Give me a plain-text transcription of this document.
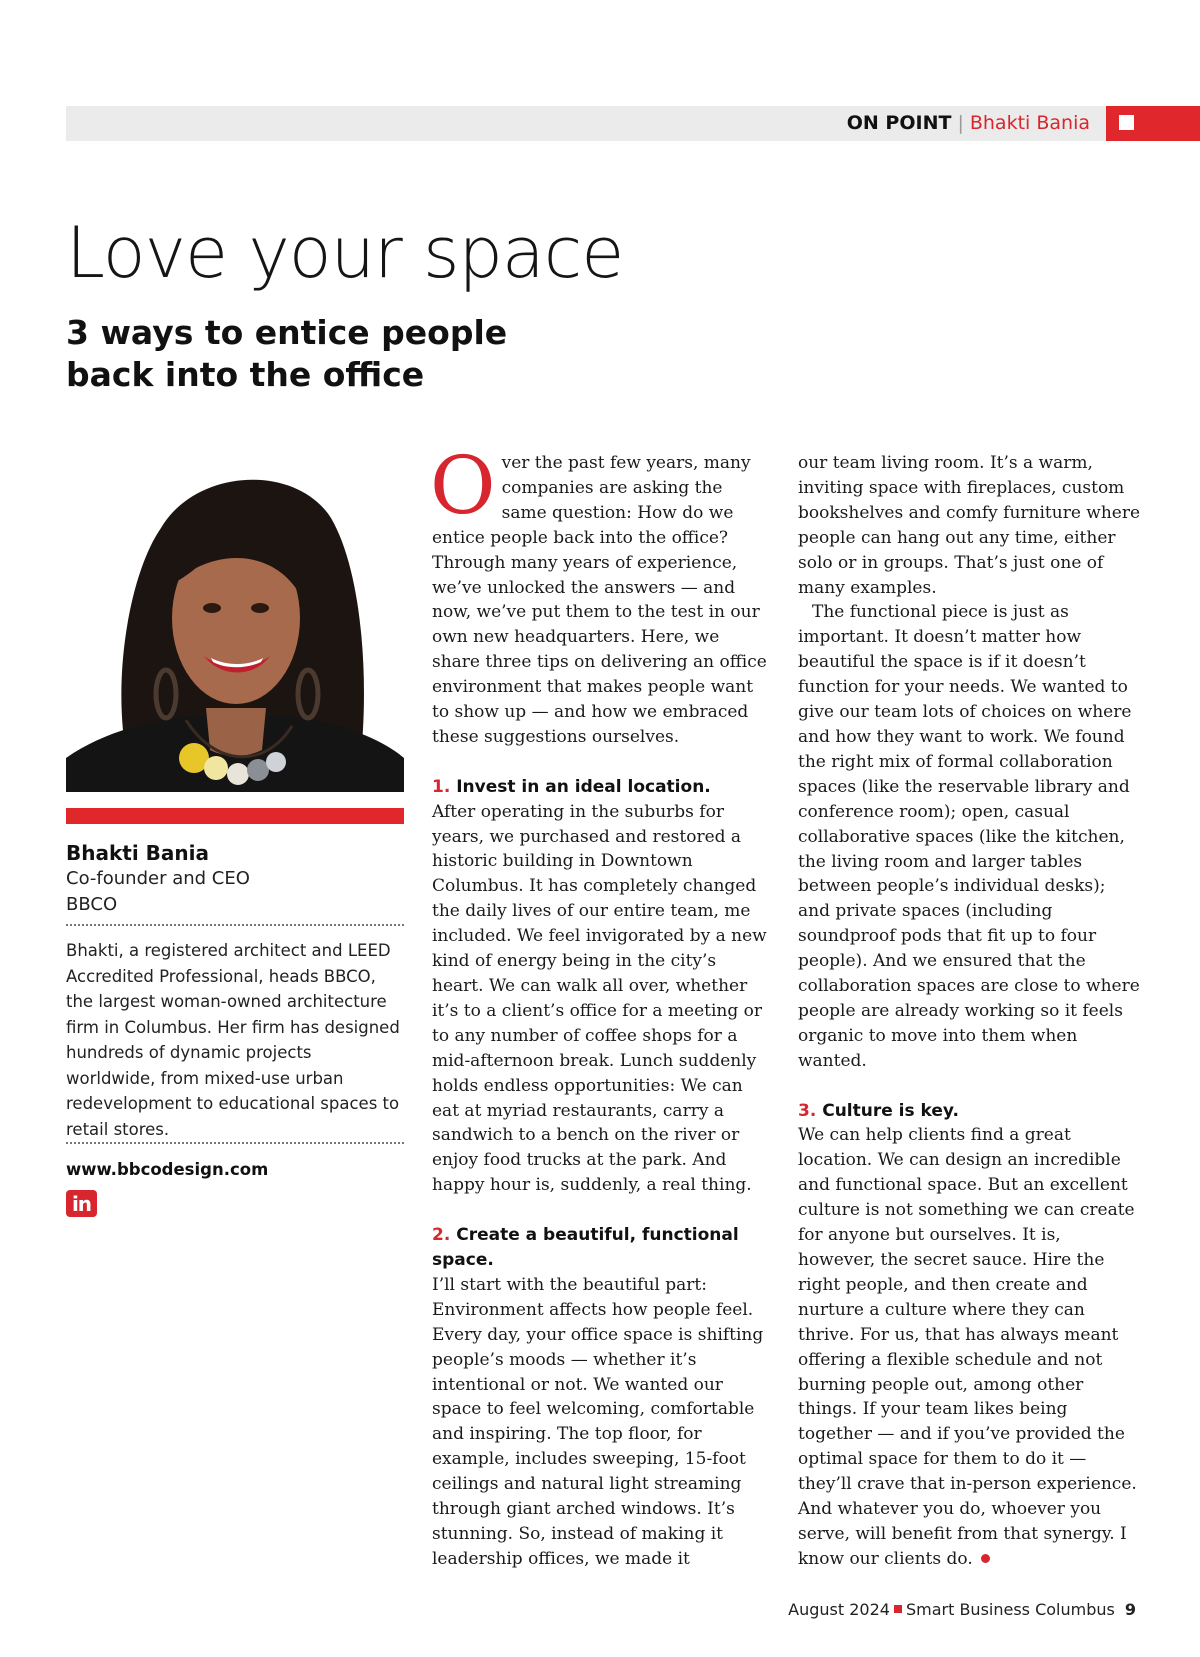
ON POINT | Bhakti Bania
Love your space
3 ways to entice people back into the office
Bhakti Bania
Co-founder and CEO
BBCO
Bhakti, a registered architect and LEED Accredited Professional, heads BBCO, the largest woman-owned architecture firm in Columbus. Her firm has designed hundreds of dynamic projects worldwide, from mixed-use urban redevelopment to educational spaces to retail stores.
www.bbcodesign.com
in

Over the past few years, many companies are asking the same question: How do we entice people back into the office? Through many years of experience, we’ve unlocked the answers — and now, we’ve put them to the test in our own new headquarters. Here, we share three tips on delivering an office environment that makes people want to show up — and how we embraced these suggestions ourselves.

1. Invest in an ideal location.

After operating in the suburbs for years, we purchased and restored a historic building in Downtown Columbus. It has completely changed the daily lives of our entire team, me included. We feel invigorated by a new kind of energy being in the city’s heart. We can walk all over, whether it’s to a client’s office for a meeting or to any number of coffee shops for a mid-afternoon break. Lunch suddenly holds endless opportunities: We can eat at myriad restaurants, carry a sandwich to a bench on the river or enjoy food trucks at the park. And happy hour is, suddenly, a real thing.

2. Create a beautiful, functional space.

I’ll start with the beautiful part: Environment affects how people feel. Every day, your office space is shifting people’s moods — whether it’s intentional or not. We wanted our space to feel welcoming, comfortable and inspiring. The top floor, for example, includes sweeping, 15-foot ceilings and natural light streaming through giant arched windows. It’s stunning. So, instead of making it leadership offices, we made it

our team living room. It’s a warm, inviting space with fireplaces, custom bookshelves and comfy furniture where people can hang out any time, either solo or in groups. That’s just one of many examples.

The functional piece is just as important. It doesn’t matter how beautiful the space is if it doesn’t function for your needs. We wanted to give our team lots of choices on where and how they want to work. We found the right mix of formal collaboration spaces (like the reservable library and conference room); open, casual collaborative spaces (like the kitchen, the living room and larger tables between people’s individual desks); and private spaces (including soundproof pods that fit up to four people). And we ensured that the collaboration spaces are close to where people are already working so it feels organic to move into them when wanted.

3. Culture is key.

We can help clients find a great location. We can design an incredible and functional space. But an excellent culture is not something we can create for anyone but ourselves. It is, however, the secret sauce. Hire the right people, and then create and nurture a culture where they can thrive. For us, that has always meant offering a flexible schedule and not burning people out, among other things. If your team likes being together — and if you’ve provided the optimal space for them to do it — they’ll crave that in-person experience. And whatever you do, whoever you serve, will benefit from that synergy. I know our clients do.

August 2024 Smart Business Columbus 9
